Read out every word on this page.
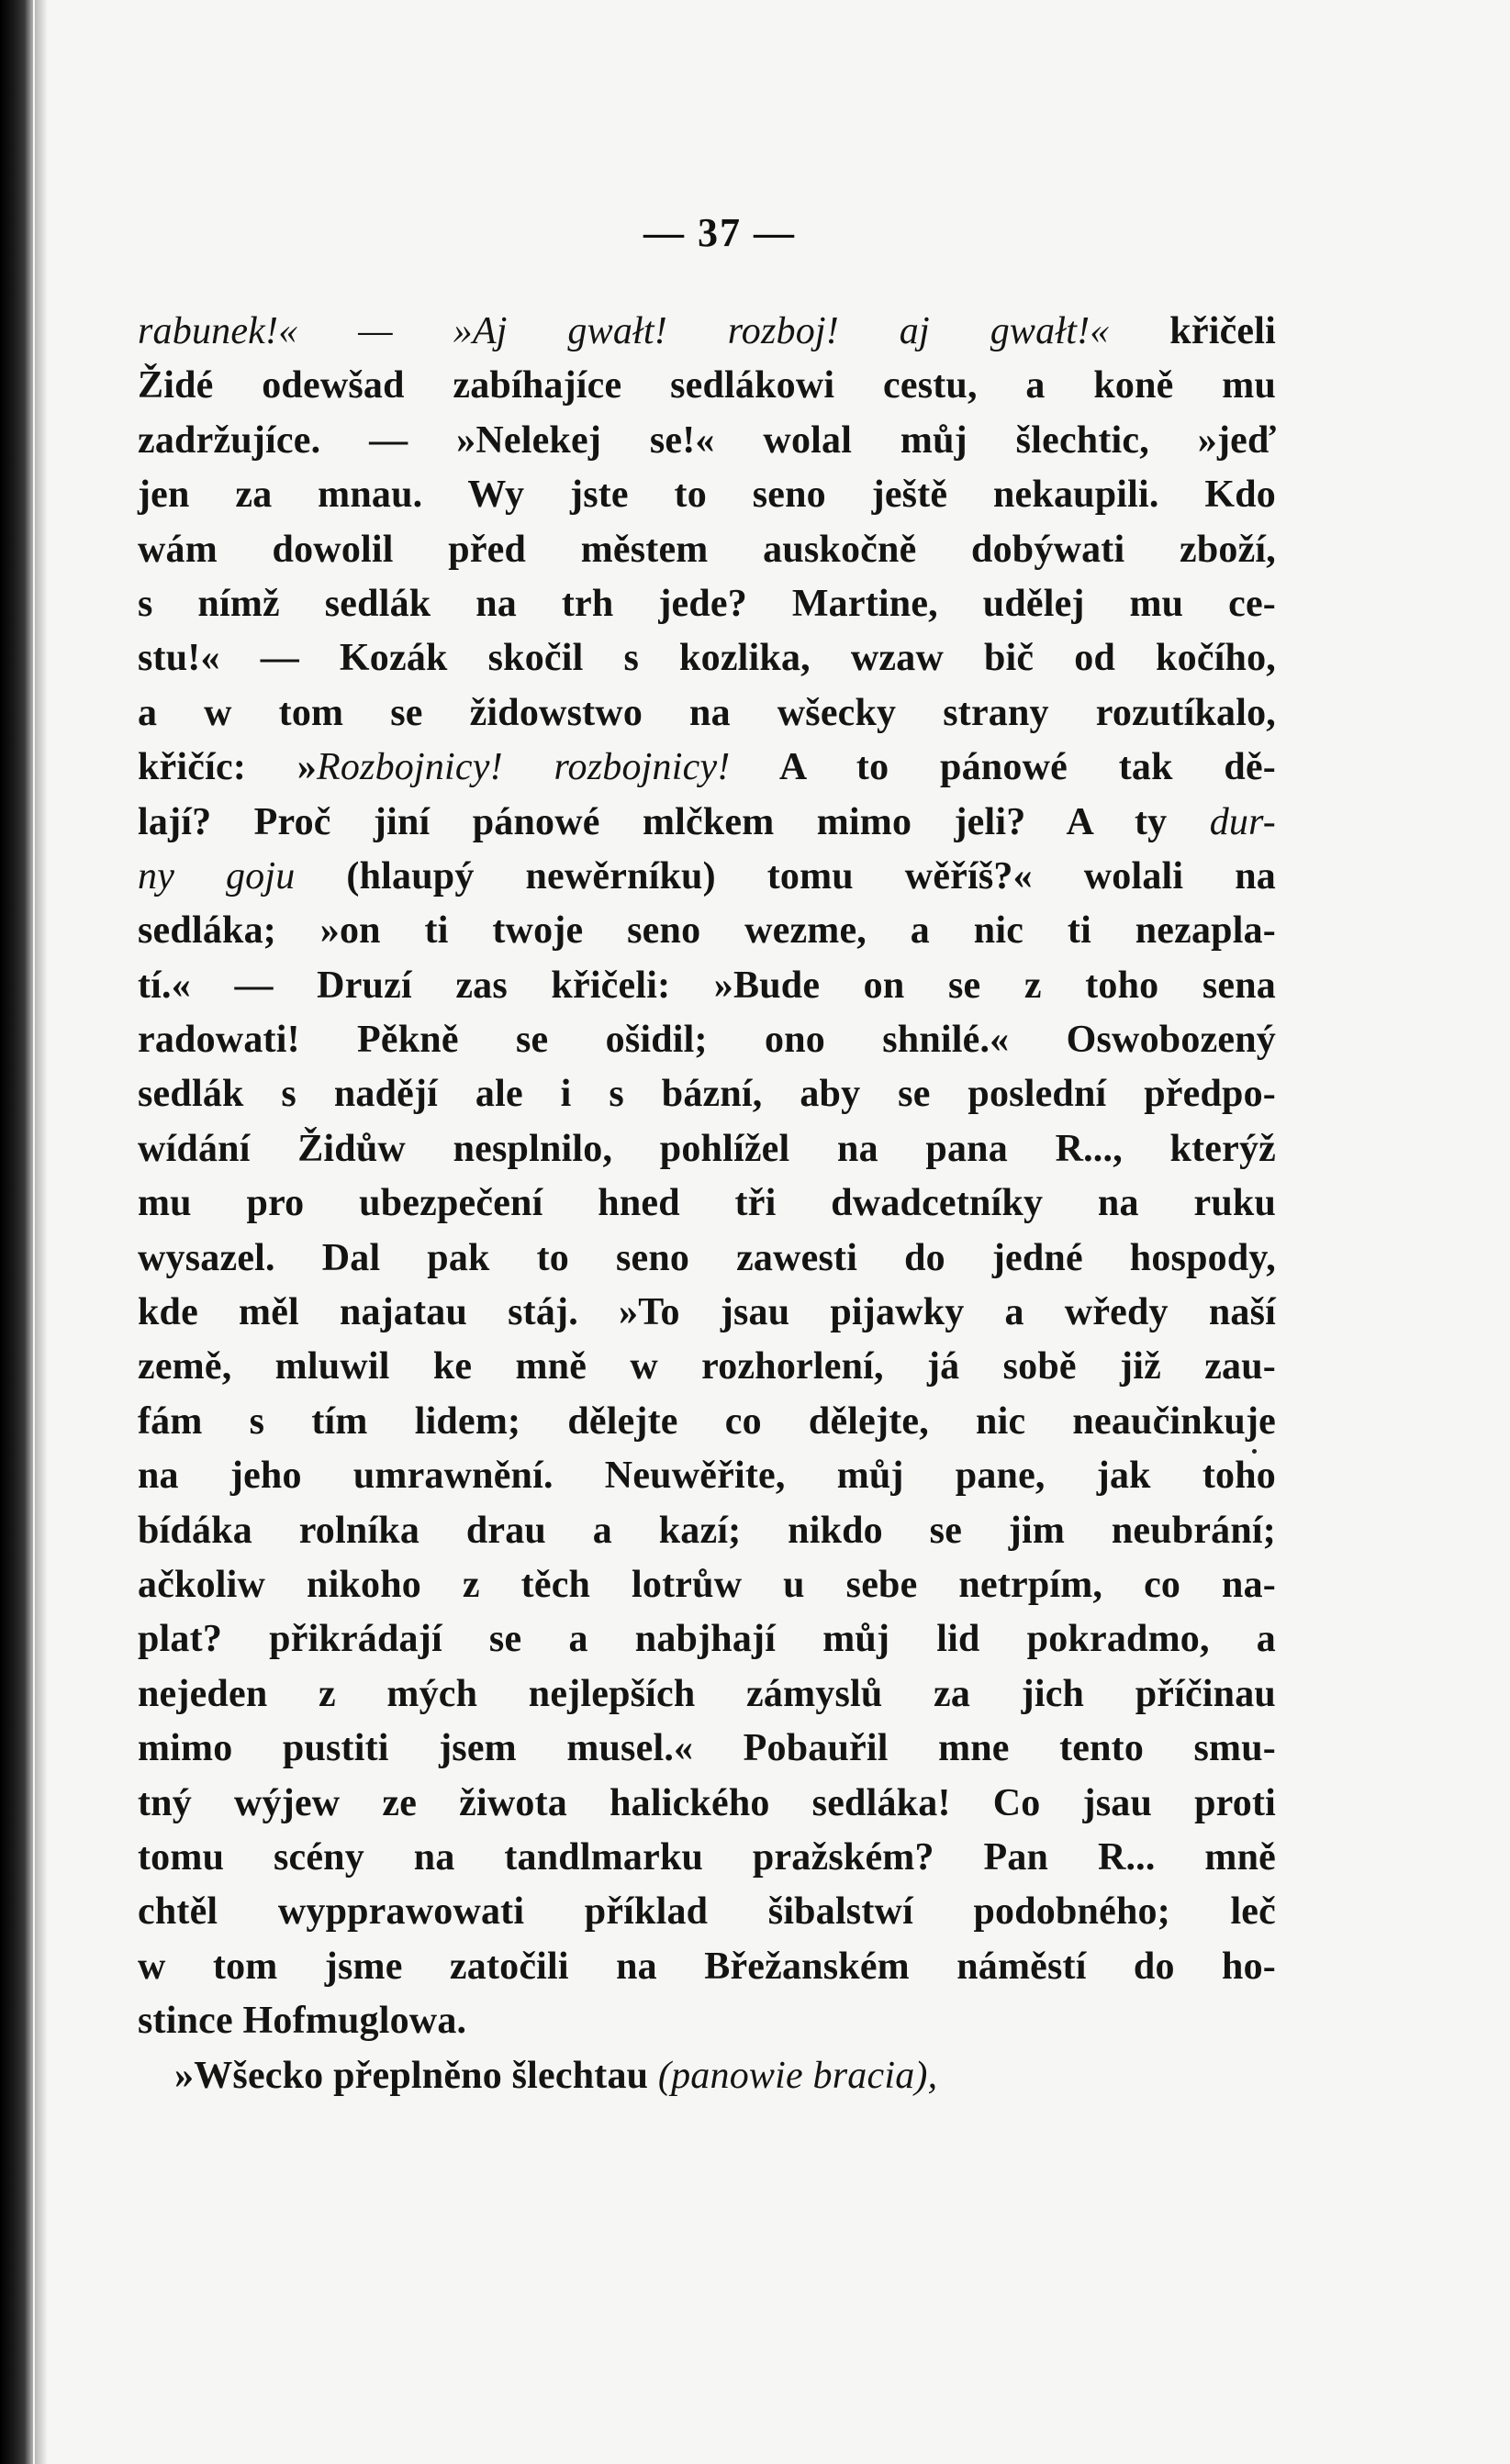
— 37 —
rabunek!« — »Aj gwałt! rozboj! aj gwałt!« křičeli
Židé odewšad zabíhajíce sedlákowi cestu, a koně mu
zadržujíce. — »Nelekej se!« wolal můj šlechtic, »jeď
jen za mnau. Wy jste to seno ještě nekaupili. Kdo
wám dowolil před městem auskočně dobýwati zboží,
s nímž sedlák na trh jede? Martine, udělej mu ce-
stu!« — Kozák skočil s kozlika, wzaw bič od kočího,
a w tom se židowstwo na wšecky strany rozutíkalo,
křičíc: »Rozbojnicy! rozbojnicy! A to pánowé tak dě-
lají? Proč jiní pánowé mlčkem mimo jeli? A ty dur-
ny goju (hlaupý newěrníku) tomu wěříš?« wolali na
sedláka; »on ti twoje seno wezme, a nic ti nezapla-
tí.« — Druzí zas křičeli: »Bude on se z toho sena
radowati! Pěkně se ošidil; ono shnilé.« Oswobozený
sedlák s nadějí ale i s bázní, aby se poslední předpo-
wídání Židůw nesplnilo, pohlížel na pana R..., kterýž
mu pro ubezpečení hned tři dwadcetníky na ruku
wysazel. Dal pak to seno zawesti do jedné hospody,
kde měl najatau stáj. »To jsau pijawky a wředy naší
země, mluwil ke mně w rozhorlení, já sobě již zau-
fám s tím lidem; dělejte co dělejte, nic neaučinkuje
na jeho umrawnění. Neuwěřite, můj pane, jak toho
bídáka rolníka drau a kazí; nikdo se jim neubrání;
ačkoliw nikoho z těch lotrůw u sebe netrpím, co na-
plat? přikrádají se a nabjhají můj lid pokradmo, a
nejeden z mých nejlepších zámyslů za jich příčinau
mimo pustiti jsem musel.« Pobauřil mne tento smu-
tný wýjew ze žiwota halického sedláka! Co jsau proti
tomu scény na tandlmarku pražském? Pan R... mně
chtěl wypprawowati příklad šibalstwí podobného; leč
w tom jsme zatočili na Břežanském náměstí do ho-
stince Hofmuglowa.
»Wšecko přeplněno šlechtau (panowie bracia),
